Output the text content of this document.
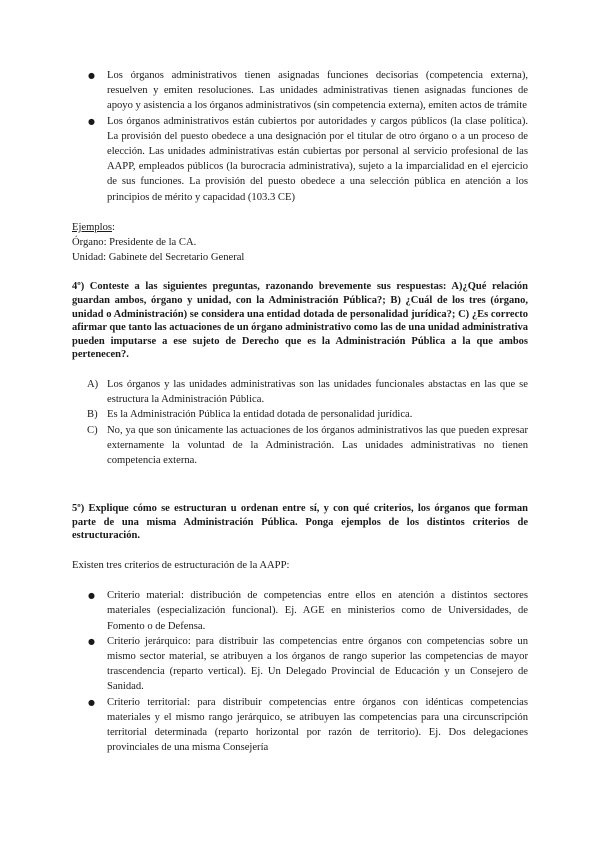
● Los órganos administrativos tienen asignadas funciones decisorias (competencia externa), resuelven y emiten resoluciones. Las unidades administrativas tienen asignadas funciones de apoyo y asistencia a los órganos administrativos (sin competencia externa), emiten actos de trámite
● Los órganos administrativos están cubiertos por autoridades y cargos públicos (la clase política). La provisión del puesto obedece a una designación por el titular de otro órgano o a un proceso de elección. Las unidades administrativas están cubiertas por personal al servicio profesional de las AAPP, empleados públicos (la burocracia administrativa), sujeto a la imparcialidad en el ejercicio de sus funciones. La provisión del puesto obedece a una selección pública en atención a los principios de mérito y capacidad (103.3 CE)

Ejemplos:

Órgano: Presidente de la CA.

Unidad: Gabinete del Secretario General

4º) Conteste a las siguientes preguntas, razonando brevemente sus respuestas: A)¿Qué relación guardan ambos, órgano y unidad, con la Administración Pública?; B) ¿Cuál de los tres (órgano, unidad o Administración) se considera una entidad dotada de personalidad jurídica?; C) ¿Es correcto afirmar que tanto las actuaciones de un órgano administrativo como las de una unidad administrativa pueden imputarse a ese sujeto de Derecho que es la Administración Pública a la que ambos pertenecen?.

A) Los órganos y las unidades administrativas son las unidades funcionales abstactas en las que se estructura la Administración Pública.
B) Es la Administración Pública la entidad dotada de personalidad jurídica.
C) No, ya que son únicamente las actuaciones de los órganos administrativos las que pueden expresar externamente la voluntad de la Administración. Las unidades administrativas no tienen competencia externa.

5º) Explique cómo se estructuran u ordenan entre sí, y con qué criterios, los órganos que forman parte de una misma Administración Pública. Ponga ejemplos de los distintos criterios de estructuración.

Existen tres criterios de estructuración de la AAPP:

● Criterio material: distribución de competencias entre ellos en atención a distintos sectores materiales (especialización funcional). Ej. AGE en ministerios como de Universidades, de Fomento o de Defensa.
● Criterio jerárquico: para distribuir las competencias entre órganos con competencias sobre un mismo sector material, se atribuyen a los órganos de rango superior las competencias de mayor trascendencia (reparto vertical). Ej. Un Delegado Provincial de Educación y un Consejero de Sanidad.
● Criterio territorial: para distribuir competencias entre órganos con idénticas competencias materiales y el mismo rango jerárquico, se atribuyen las competencias para una circunscripción territorial determinada (reparto horizontal por razón de territorio). Ej. Dos delegaciones provinciales de una misma Consejería
